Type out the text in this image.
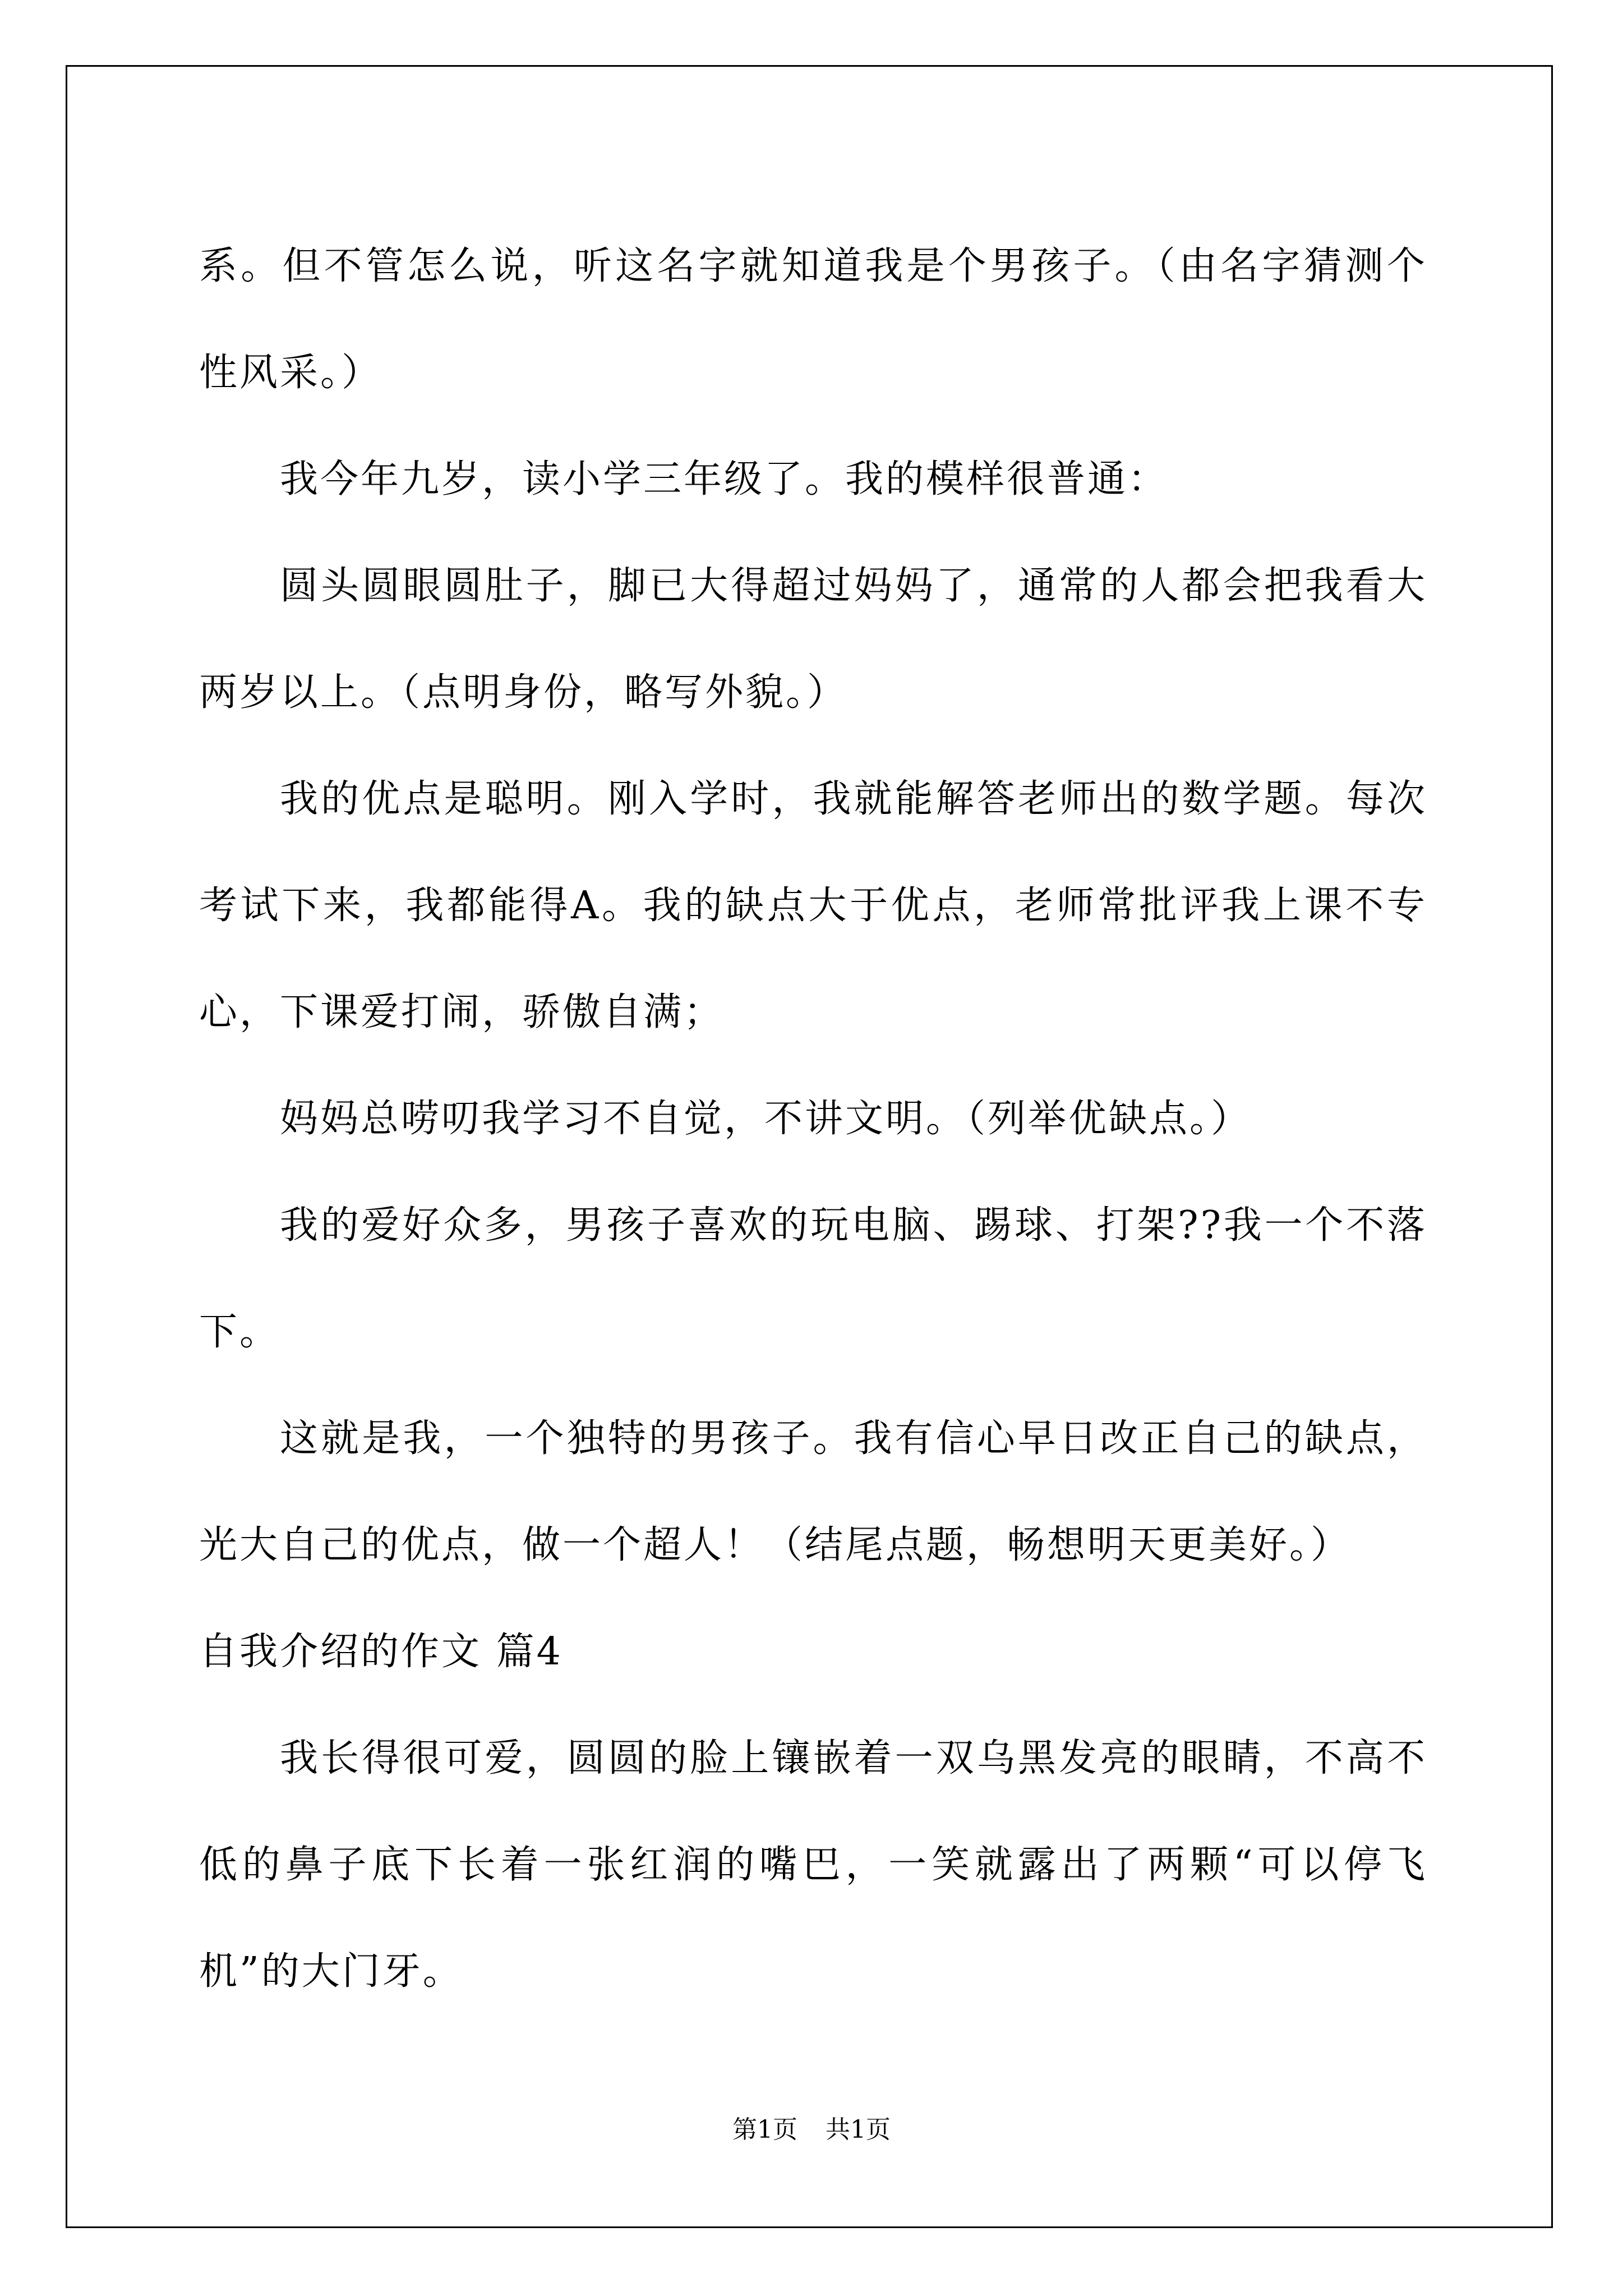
系。但不管怎么说，听这名字就知道我是个男孩子。（由名字猜测个性风采。）

我今年九岁，读小学三年级了。我的模样很普通：

圆头圆眼圆肚子，脚已大得超过妈妈了，通常的人都会把我看大两岁以上。（点明身份，略写外貌。）

我的优点是聪明。刚入学时，我就能解答老师出的数学题。每次考试下来，我都能得A。我的缺点大于优点，老师常批评我上课不专心，下课爱打闹，骄傲自满；

妈妈总唠叨我学习不自觉，不讲文明。（列举优缺点。）

我的爱好众多，男孩子喜欢的玩电脑、踢球、打架??我一个不落下。

这就是我，一个独特的男孩子。我有信心早日改正自己的缺点，光大自己的优点，做一个超人！（结尾点题，畅想明天更美好。）

自我介绍的作文 篇4

我长得很可爱，圆圆的脸上镶嵌着一双乌黑发亮的眼睛，不高不低的鼻子底下长着一张红润的嘴巴，一笑就露出了两颗“可以停飞机”的大门牙。

第1页 共1页
